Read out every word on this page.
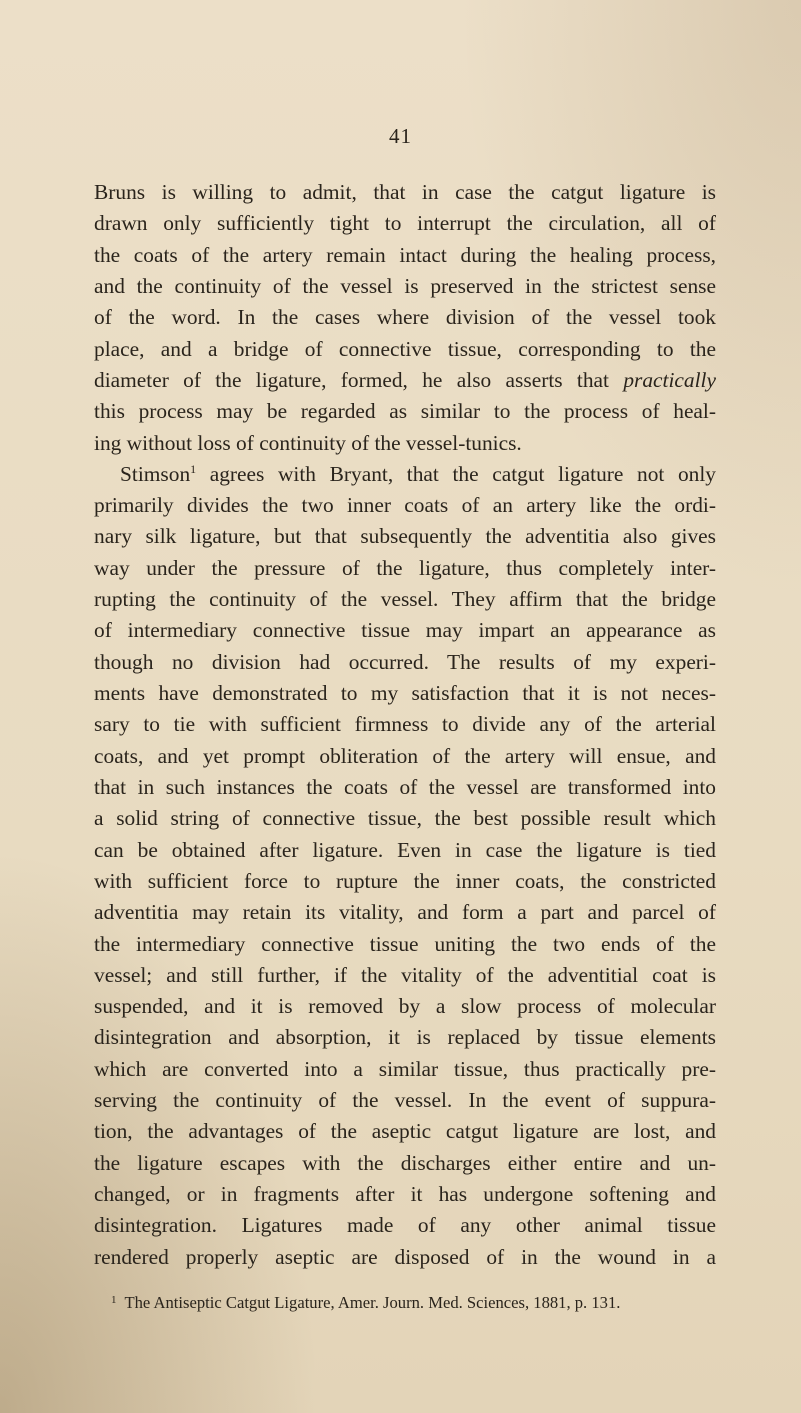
41
Bruns is willing to admit, that in case the catgut ligature is
drawn only sufficiently tight to interrupt the circulation, all of
the coats of the artery remain intact during the healing process,
and the continuity of the vessel is preserved in the strictest sense
of the word. In the cases where division of the vessel took
place, and a bridge of connective tissue, corresponding to the
diameter of the ligature, formed, he also asserts that practically
this process may be regarded as similar to the process of heal-
ing without loss of continuity of the vessel-tunics.
Stimson$^1$ agrees with Bryant, that the catgut ligature not only
primarily divides the two inner coats of an artery like the ordi-
nary silk ligature, but that subsequently the adventitia also gives
way under the pressure of the ligature, thus completely inter-
rupting the continuity of the vessel. They affirm that the bridge
of intermediary connective tissue may impart an appearance as
though no division had occurred. The results of my experi-
ments have demonstrated to my satisfaction that it is not neces-
sary to tie with sufficient firmness to divide any of the arterial
coats, and yet prompt obliteration of the artery will ensue, and
that in such instances the coats of the vessel are transformed into
a solid string of connective tissue, the best possible result which
can be obtained after ligature. Even in case the ligature is tied
with sufficient force to rupture the inner coats, the constricted
adventitia may retain its vitality, and form a part and parcel of
the intermediary connective tissue uniting the two ends of the
vessel; and still further, if the vitality of the adventitial coat is
suspended, and it is removed by a slow process of molecular
disintegration and absorption, it is replaced by tissue elements
which are converted into a similar tissue, thus practically pre-
serving the continuity of the vessel. In the event of suppura-
tion, the advantages of the aseptic catgut ligature are lost, and
the ligature escapes with the discharges either entire and un-
changed, or in fragments after it has undergone softening and
disintegration. Ligatures made of any other animal tissue
rendered properly aseptic are disposed of in the wound in a
$^1$ The Antiseptic Catgut Ligature, Amer. Journ. Med. Sciences, 1881, p. 131.
